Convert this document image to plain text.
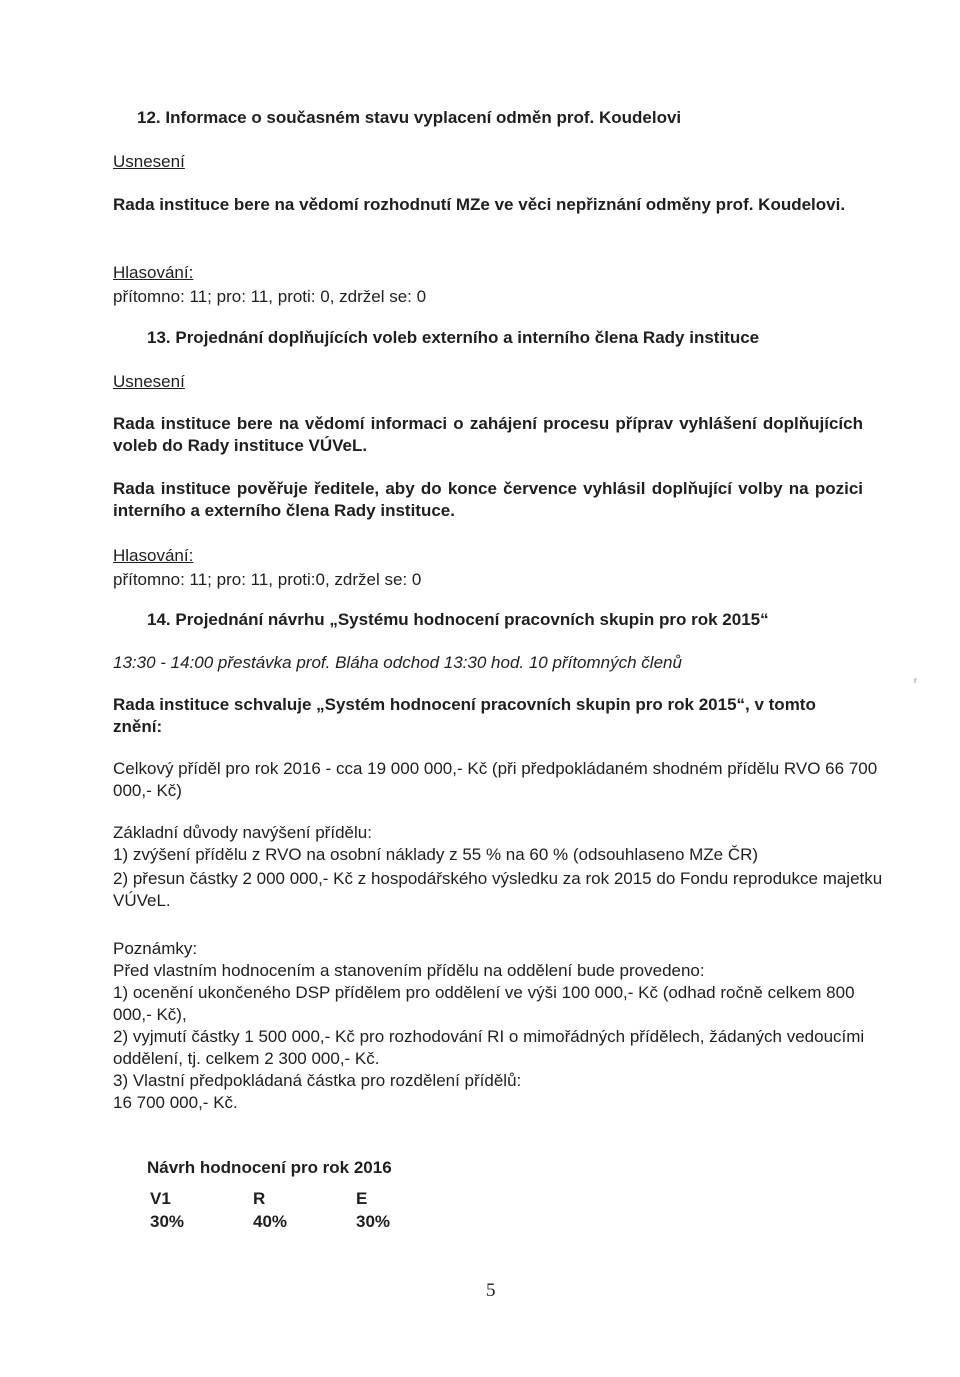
12. Informace o současném stavu vyplacení odměn prof. Koudelovi
Usnesení
Rada instituce bere na vědomí rozhodnutí MZe ve věci nepřiznání odměny prof. Koudelovi.
Hlasování:
přítomno: 11; pro: 11, proti: 0, zdržel se: 0
13. Projednání doplňujících voleb externího a interního člena Rady instituce
Usnesení
Rada instituce bere na vědomí informaci o zahájení procesu příprav vyhlášení doplňujících voleb do Rady instituce VÚVeL.
Rada instituce pověřuje ředitele, aby do konce července vyhlásil doplňující volby na pozici interního a externího člena Rady instituce.
Hlasování:
přítomno: 11; pro: 11, proti:0, zdržel se: 0
14. Projednání návrhu „Systému hodnocení pracovních skupin pro rok 2015“
13:30 - 14:00 přestávka prof. Bláha odchod 13:30 hod. 10 přítomných členů
ʳ
Rada instituce schvaluje „Systém hodnocení pracovních skupin pro rok 2015“, v tomto znění:
Celkový příděl pro rok 2016 - cca 19 000 000,- Kč (při předpokládaném shodném přídělu RVO 66 700 000,- Kč)
Základní důvody navýšení přídělu:
1) zvýšení přídělu z RVO na osobní náklady z 55 % na 60 % (odsouhlaseno MZe ČR)
2) přesun částky 2 000 000,- Kč z hospodářského výsledku za rok 2015 do Fondu reprodukce majetku VÚVeL.
Poznámky:
Před vlastním hodnocením a stanovením přídělu na oddělení bude provedeno:
1) ocenění ukončeného DSP přídělem pro oddělení ve výši 100 000,- Kč (odhad ročně celkem 800 000,- Kč),
2) vyjmutí částky 1 500 000,- Kč pro rozhodování RI o mimořádných přídělech, žádaných vedoucími oddělení, tj. celkem 2 300 000,- Kč.
3) Vlastní předpokládaná částka pro rozdělení přídělů:
16 700 000,- Kč.
Návrh hodnocení pro rok 2016
V1	R	E
30%	40%	30%
5
